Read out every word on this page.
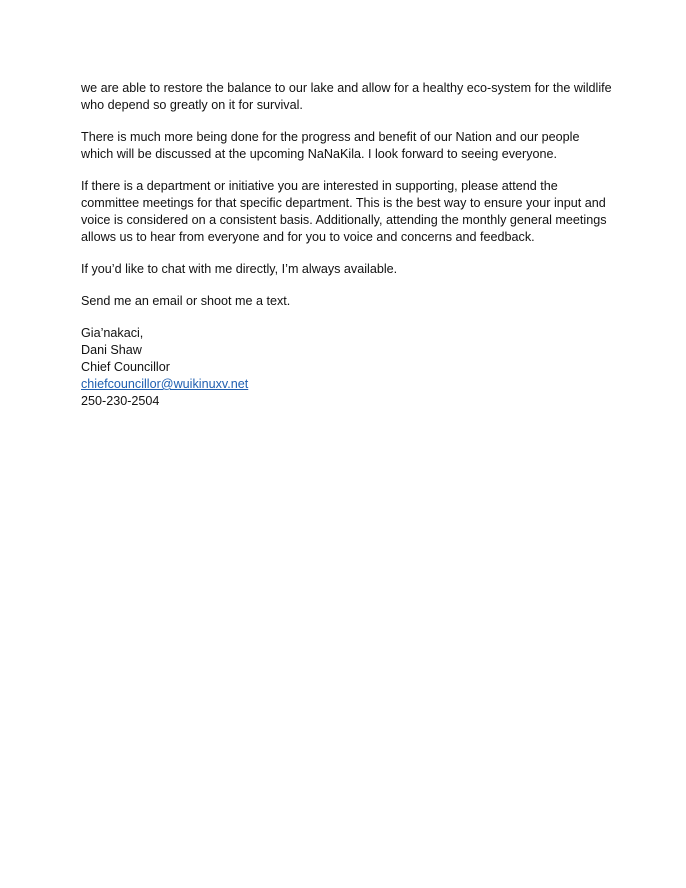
we are able to restore the balance to our lake and allow for a healthy eco-system for the wildlife
who depend so greatly on it for survival.

There is much more being done for the progress and benefit of our Nation and our people
which will be discussed at the upcoming NaNaKila. I look forward to seeing everyone.

If there is a department or initiative you are interested in supporting, please attend the
committee meetings for that specific department. This is the best way to ensure your input and
voice is considered on a consistent basis. Additionally, attending the monthly general meetings
allows us to hear from everyone and for you to voice and concerns and feedback.

If you’d like to chat with me directly, I’m always available.

Send me an email or shoot me a text.

Gia’nakaci,
Dani Shaw
Chief Councillor
chiefcouncillor@wuikinuxv.net
250-230-2504
